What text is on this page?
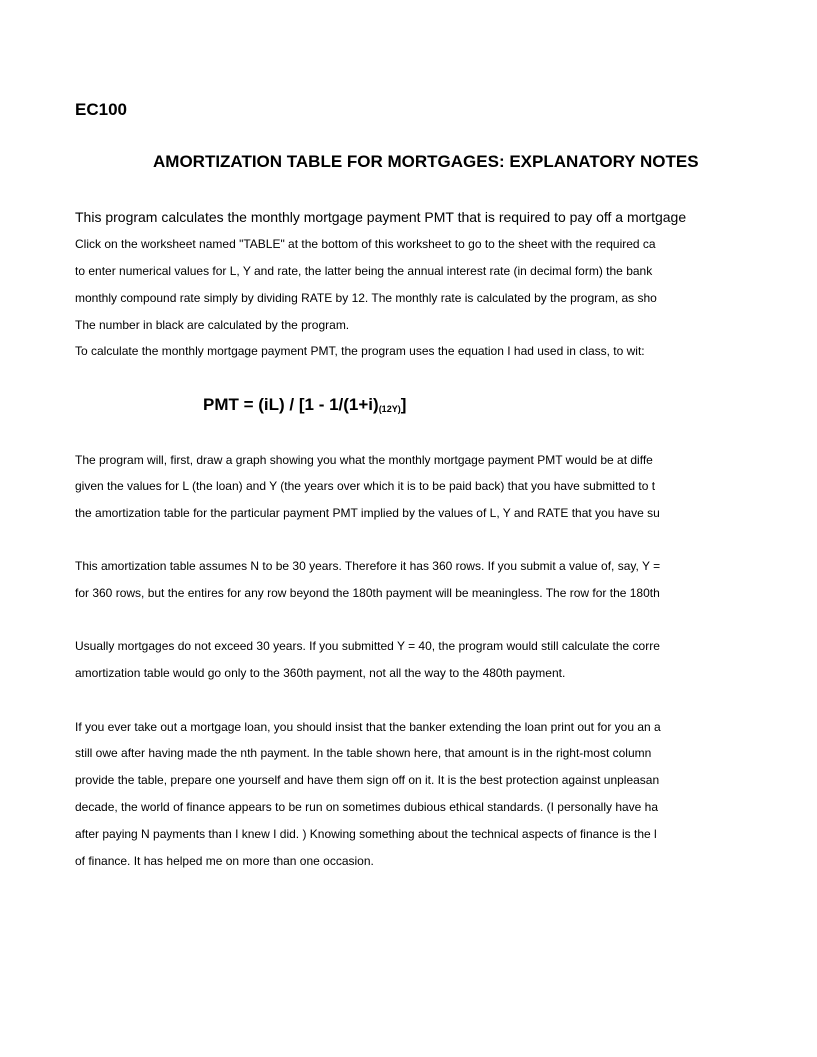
EC100
AMORTIZATION TABLE FOR MORTGAGES: EXPLANATORY NOTES
This program calculates the monthly mortgage payment PMT that is required to pay off a mortgage
Click on the worksheet named "TABLE" at the bottom of this worksheet to go to the sheet with the required ca
to enter numerical values for L, Y and rate, the latter being the annual interest rate (in decimal form) the bank
monthly compound rate simply by dividing RATE by 12. The monthly rate is calculated by the program, as sho
The number in black are calculated by the program.
To calculate the monthly mortgage payment PMT, the program uses the equation I had used in class, to wit:
PMT = $(iL) / [1 - 1/(1+i)_{(12Y)}]$
The program will, first, draw a graph showing you what the monthly mortgage payment PMT would be at diffe
given the values for L (the loan) and Y (the years over which it is to be paid back) that you have submitted to t
the amortization table for the particular payment PMT implied by the values of L, Y and RATE that you have su
This amortization table assumes N to be 30 years. Therefore it has 360 rows. If you submit a value of, say, Y =
for 360 rows, but the entires for any row beyond the 180th payment will be meaningless. The row for the 180th
Usually mortgages do not exceed 30 years. If you submitted Y = 40, the program would still calculate the corre
amortization table would go only to the 360th payment, not all the way to the 480th payment.
If you ever take out a mortgage loan, you should insist that the banker extending the loan print out for you an a
still owe after having made the nth payment. In the table shown here, that amount is in the right-most column
provide the table, prepare one yourself and have them sign off on it. It is the best protection against unpleasan
decade, the world of finance appears to be run on sometimes dubious ethical standards. (I personally have ha
after paying N payments than I knew I did. ) Knowing something about the technical aspects of finance is the l
of finance. It has helped me on more than one occasion.
